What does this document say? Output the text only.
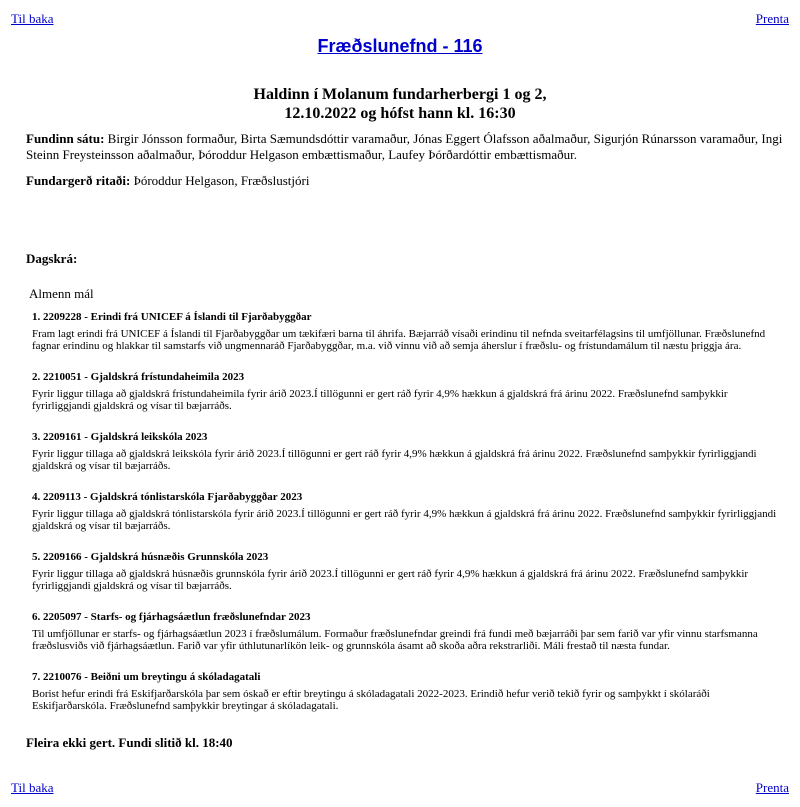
Til baka	Prenta
Fræðslunefnd - 116
Haldinn í Molanum fundarherbergi 1 og 2,
12.10.2022 og hófst hann kl. 16:30
Fundinn sátu: Birgir Jónsson formaður, Birta Sæmundsdóttir varamaður, Jónas Eggert Ólafsson aðalmaður, Sigurjón Rúnarsson varamaður, Ingi Steinn Freysteinsson aðalmaður, Þóroddur Helgason embættismaður, Laufey Þórðardóttir embættismaður.
Fundargerð ritaði: Þóroddur Helgason, Fræðslustjóri
Dagskrá:
Almenn mál
1. 2209228 - Erindi frá UNICEF á Íslandi til Fjarðabyggðar
Fram lagt erindi frá UNICEF á Íslandi til Fjarðabyggðar um tækifæri barna til áhrifa. Bæjarráð vísaði erindinu til nefnda sveitarfélagsins til umfjöllunar. Fræðslunefnd fagnar erindinu og hlakkar til samstarfs við ungmennaráð Fjarðabyggðar, m.a. við vinnu við að semja áherslur í fræðslu- og frístundamálum til næstu þriggja ára.
2. 2210051 - Gjaldskrá frístundaheimila 2023
Fyrir liggur tillaga að gjaldskrá frístundaheimila fyrir árið 2023.Í tillögunni er gert ráð fyrir 4,9% hækkun á gjaldskrá frá árinu 2022. Fræðslunefnd samþykkir fyrirliggjandi gjaldskrá og vísar til bæjarráðs.
3. 2209161 - Gjaldskrá leikskóla 2023
Fyrir liggur tillaga að gjaldskrá leikskóla fyrir árið 2023.Í tillögunni er gert ráð fyrir 4,9% hækkun á gjaldskrá frá árinu 2022. Fræðslunefnd samþykkir fyrirliggjandi gjaldskrá og vísar til bæjarráðs.
4. 2209113 - Gjaldskrá tónlistarskóla Fjarðabyggðar 2023
Fyrir liggur tillaga að gjaldskrá tónlistarskóla fyrir árið 2023.Í tillögunni er gert ráð fyrir 4,9% hækkun á gjaldskrá frá árinu 2022. Fræðslunefnd samþykkir fyrirliggjandi gjaldskrá og vísar til bæjarráðs.
5. 2209166 - Gjaldskrá húsnæðis Grunnskóla 2023
Fyrir liggur tillaga að gjaldskrá húsnæðis grunnskóla fyrir árið 2023.Í tillögunni er gert ráð fyrir 4,9% hækkun á gjaldskrá frá árinu 2022. Fræðslunefnd samþykkir fyrirliggjandi gjaldskrá og vísar til bæjarráðs.
6. 2205097 - Starfs- og fjárhagsáætlun fræðslunefndar 2023
Til umfjöllunar er starfs- og fjárhagsáætlun 2023 í fræðslumálum. Formaður fræðslunefndar greindi frá fundi með bæjarráði þar sem farið var yfir vinnu starfsmanna fræðslusviðs við fjárhagsáætlun. Farið var yfir úthlutunarlíkön leik- og grunnskóla ásamt að skoða aðra rekstrarliði. Máli frestað til næsta fundar.
7. 2210076 - Beiðni um breytingu á skóladagatali
Borist hefur erindi frá Eskifjarðarskóla þar sem óskað er eftir breytingu á skóladagatali 2022-2023. Erindið hefur verið tekið fyrir og samþykkt í skólaráði Eskifjarðarskóla. Fræðslunefnd samþykkir breytingar á skóladagatali.
Fleira ekki gert. Fundi slitið kl. 18:40
Til baka	Prenta
